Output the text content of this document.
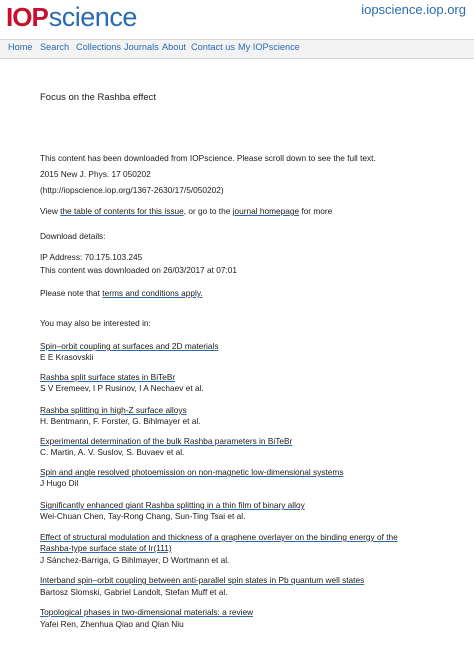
IOPscience	iopscience.iop.org
Home Search Collections Journals About Contact us My IOPscience
Focus on the Rashba effect
This content has been downloaded from IOPscience. Please scroll down to see the full text.
2015 New J. Phys. 17 050202
(http://iopscience.iop.org/1367-2630/17/5/050202)
View the table of contents for this issue, or go to the journal homepage for more
Download details:
IP Address: 70.175.103.245
This content was downloaded on 26/03/2017 at 07:01
Please note that terms and conditions apply.
You may also be interested in:
Spin–orbit coupling at surfaces and 2D materials
E E Krasovskii
Rashba split surface states in BiTeBr
S V Eremeev, I P Rusinov, I A Nechaev et al.
Rashba splitting in high-Z surface alloys
H. Bentmann, F. Forster, G. Bihlmayer et al.
Experimental determination of the bulk Rashba parameters in BiTeBr
C. Martin, A. V. Suslov, S. Buvaev et al.
Spin and angle resolved photoemission on non-magnetic low-dimensional systems
J Hugo Dil
Significantly enhanced giant Rashba splitting in a thin film of binary alloy
Wei-Chuan Chen, Tay-Rong Chang, Sun-Ting Tsai et al.
Effect of structural modulation and thickness of a graphene overlayer on the binding energy of the
Rashba-type surface state of Ir(111)
J Sánchez-Barriga, G Bihlmayer, D Wortmann et al.
Interband spin–orbit coupling between anti-parallel spin states in Pb quantum well states
Bartosz Slomski, Gabriel Landolt, Stefan Muff et al.
Topological phases in two-dimensional materials: a review
Yafei Ren, Zhenhua Qiao and Qian Niu
